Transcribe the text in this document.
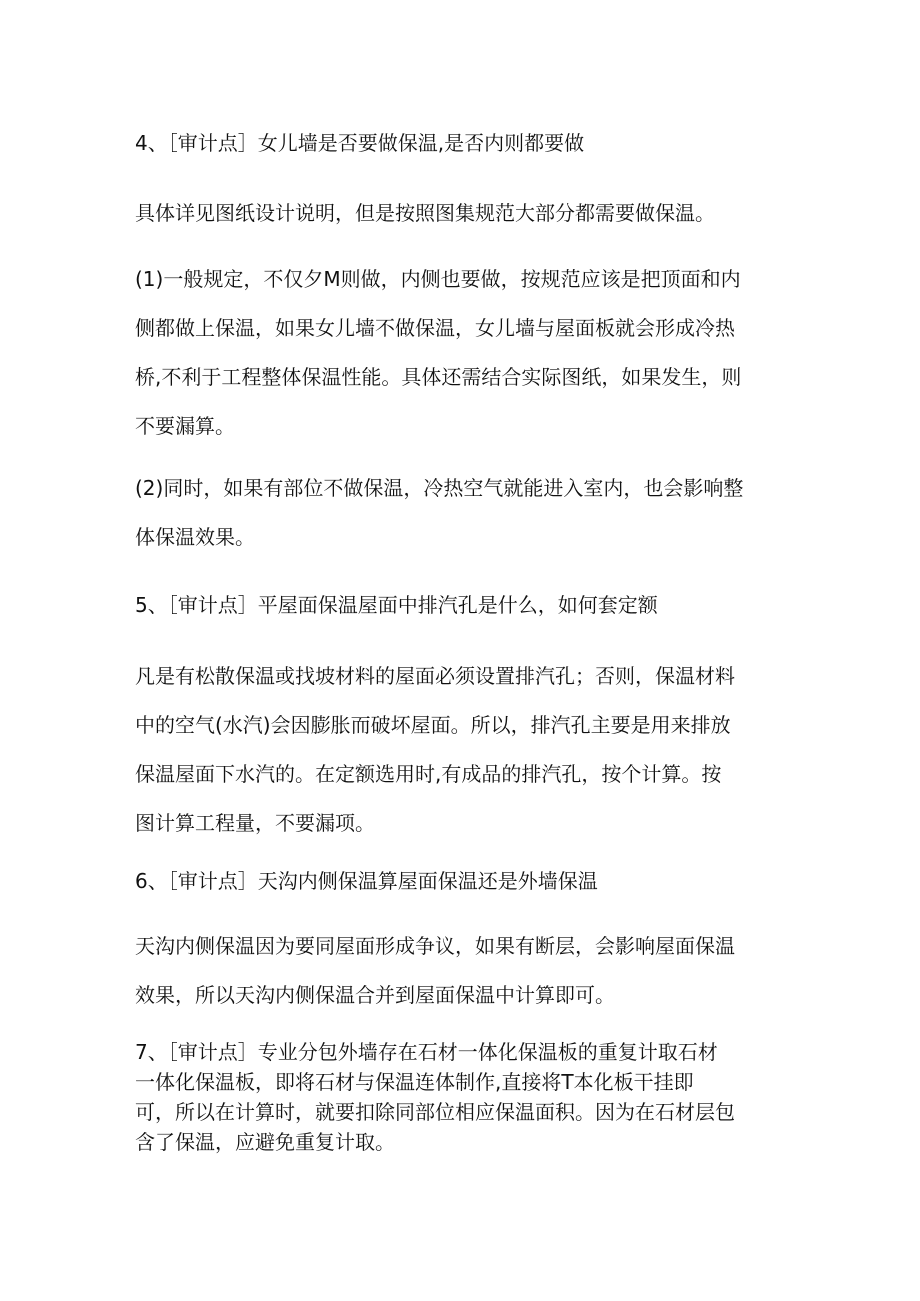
4、［审计点］女儿墙是否要做保温,是否内则都要做
具体详见图纸设计说明，但是按照图集规范大部分都需要做保温。
(1)一般规定，不仅夕M则做，内侧也要做，按规范应该是把顶面和内
侧都做上保温，如果女儿墙不做保温，女儿墙与屋面板就会形成冷热
桥,不利于工程整体保温性能。具体还需结合实际图纸，如果发生，则
不要漏算。
(2)同时，如果有部位不做保温，冷热空气就能进入室内，也会影响整
体保温效果。
5、［审计点］平屋面保温屋面中排汽孔是什么，如何套定额
凡是有松散保温或找坡材料的屋面必须设置排汽孔；否则，保温材料
中的空气(水汽)会因膨胀而破坏屋面。所以，排汽孔主要是用来排放
保温屋面下水汽的。在定额选用时,有成品的排汽孔，按个计算。按
图计算工程量，不要漏项。
6、［审计点］天沟内侧保温算屋面保温还是外墙保温
天沟内侧保温因为要同屋面形成争议，如果有断层，会影响屋面保温
效果，所以天沟内侧保温合并到屋面保温中计算即可。
7、［审计点］专业分包外墙存在石材一体化保温板的重复计取石材
一体化保温板，即将石材与保温连体制作,直接将T本化板干挂即
可，所以在计算时，就要扣除同部位相应保温面积。因为在石材层包
含了保温，应避免重复计取。
